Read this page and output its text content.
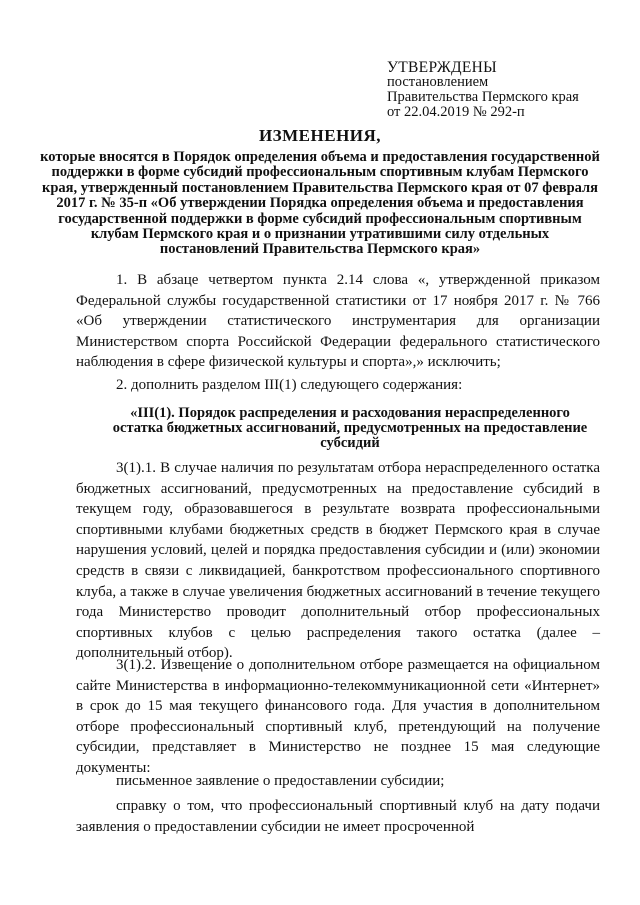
УТВЕРЖДЕНЫ
постановлением
Правительства Пермского края
от 22.04.2019 № 292-п
ИЗМЕНЕНИЯ,
которые вносятся в Порядок определения объема и предоставления государственной поддержки в форме субсидий профессиональным спортивным клубам Пермского края, утвержденный постановлением Правительства Пермского края от 07 февраля 2017 г. № 35-п «Об утверждении Порядка определения объема и предоставления государственной поддержки в форме субсидий профессиональным спортивным клубам Пермского края и о признании утратившими силу отдельных постановлений Правительства Пермского края»

1. В абзаце четвертом пункта 2.14 слова «, утвержденной приказом Федеральной службы государственной статистики от 17 ноября 2017 г. № 766 «Об утверждении статистического инструментария для организации Министерством спорта Российской Федерации федерального статистического наблюдения в сфере физической культуры и спорта»,» исключить;

2. дополнить разделом III(1) следующего содержания:

«III(1). Порядок распределения и расходования нераспределенного остатка бюджетных ассигнований, предусмотренных на предоставление субсидий

3(1).1. В случае наличия по результатам отбора нераспределенного остатка бюджетных ассигнований, предусмотренных на предоставление субсидий в текущем году, образовавшегося в результате возврата профессиональными спортивными клубами бюджетных средств в бюджет Пермского края в случае нарушения условий, целей и порядка предоставления субсидии и (или) экономии средств в связи с ликвидацией, банкротством профессионального спортивного клуба, а также в случае увеличения бюджетных ассигнований в течение текущего года Министерство проводит дополнительный отбор профессиональных спортивных клубов с целью распределения такого остатка (далее – дополнительный отбор).

3(1).2. Извещение о дополнительном отборе размещается на официальном сайте Министерства в информационно-телекоммуникационной сети «Интернет» в срок до 15 мая текущего финансового года. Для участия в дополнительном отборе профессиональный спортивный клуб, претендующий на получение субсидии, представляет в Министерство не позднее 15 мая следующие документы:

письменное заявление о предоставлении субсидии;

справку о том, что профессиональный спортивный клуб на дату подачи заявления о предоставлении субсидии не имеет просроченной
